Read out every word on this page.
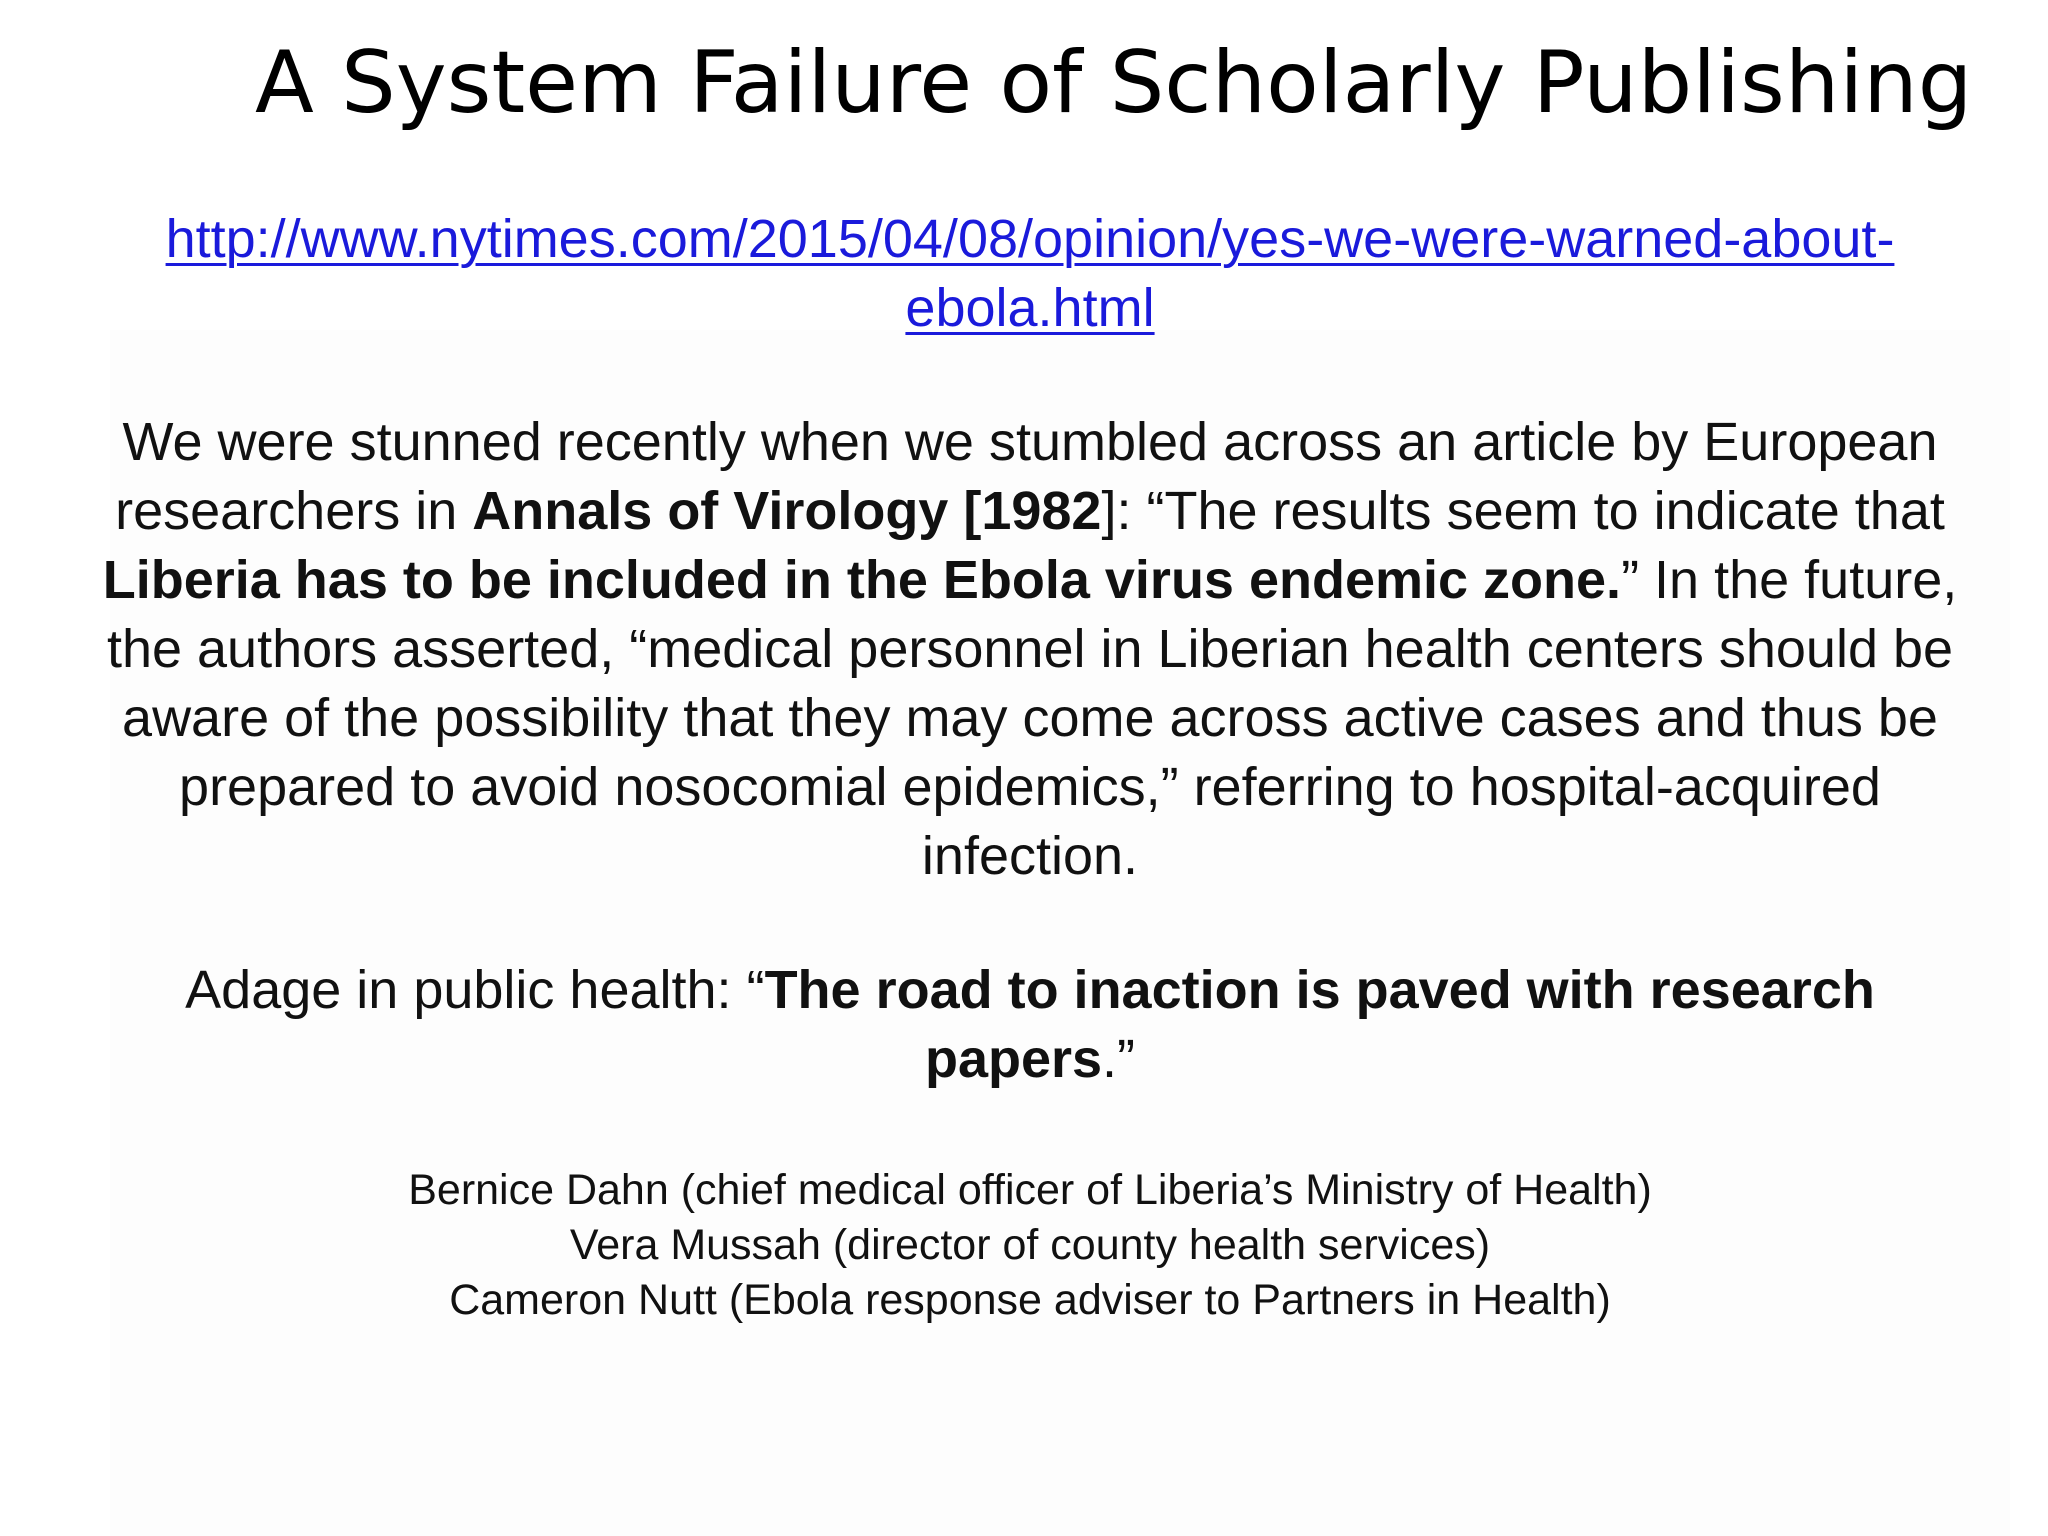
A System Failure of Scholarly Publishing
http://www.nytimes.com/2015/04/08/opinion/yes-we-were-warned-about-
ebola.html
We were stunned recently when we stumbled across an article by European
researchers in Annals of Virology [1982]: “The results seem to indicate that
Liberia has to be included in the Ebola virus endemic zone.” In the future,
the authors asserted, “medical personnel in Liberian health centers should be
aware of the possibility that they may come across active cases and thus be
prepared to avoid nosocomial epidemics,” referring to hospital-acquired
infection.
Adage in public health: “The road to inaction is paved with research
papers.”
Bernice Dahn (chief medical officer of Liberia’s Ministry of Health)
Vera Mussah (director of county health services)
Cameron Nutt (Ebola response adviser to Partners in Health)
